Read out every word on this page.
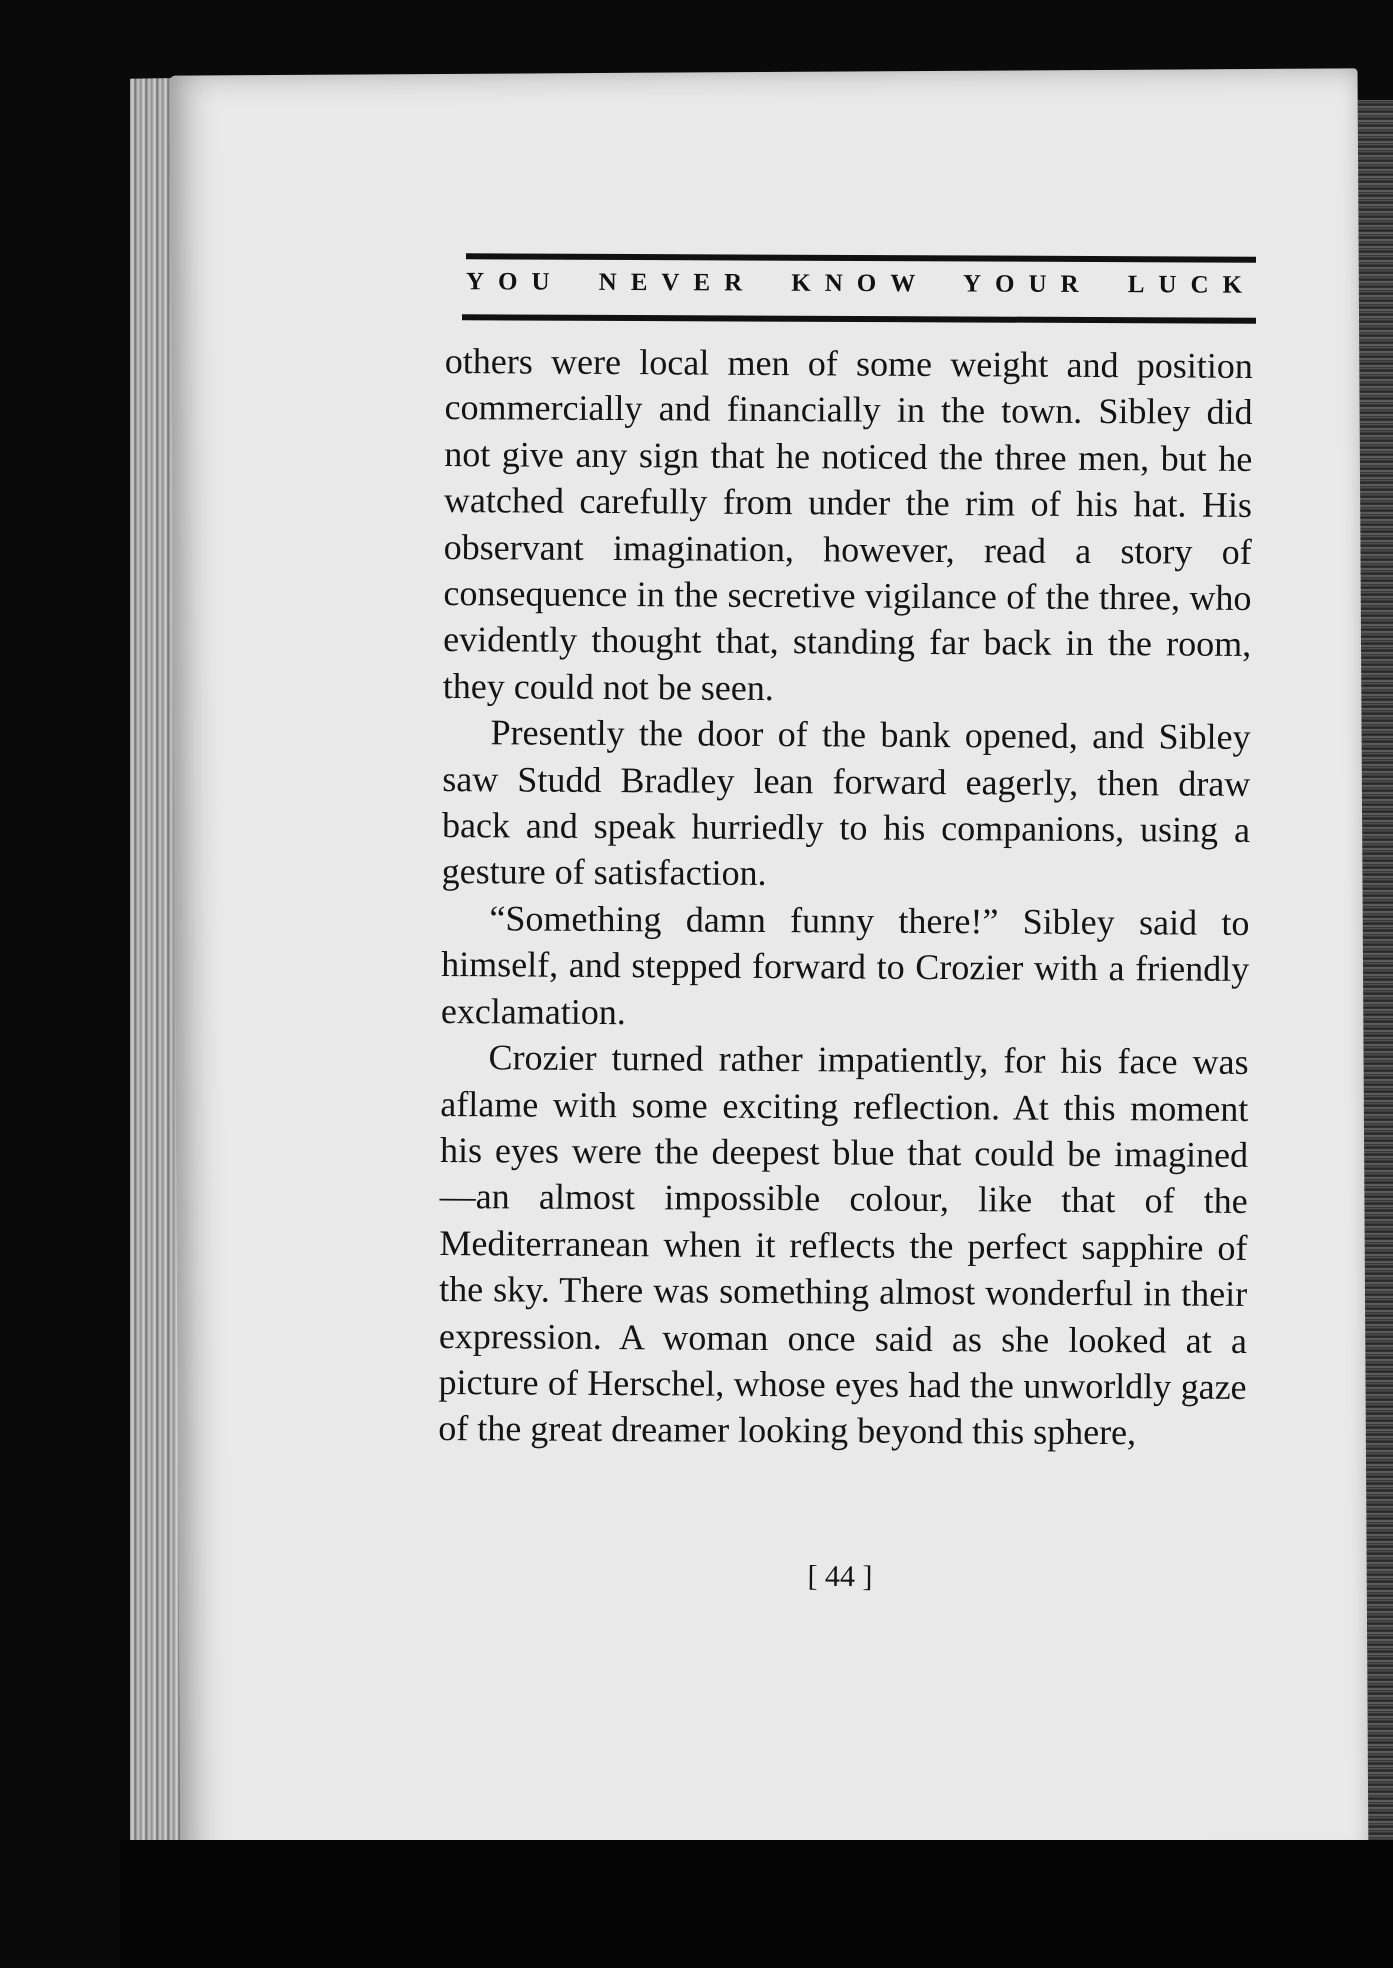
YOU NEVER KNOW YOUR LUCK

others were local men of some weight and position commercially and financially in the town. Sibley did not give any sign that he noticed the three men, but he watched carefully from under the rim of his hat. His observant imagination, however, read a story of consequence in the secretive vigilance of the three, who evidently thought that, standing far back in the room, they could not be seen.

Presently the door of the bank opened, and Sibley saw Studd Bradley lean forward eagerly, then draw back and speak hurriedly to his companions, using a gesture of satisfaction.

“Something damn funny there!” Sibley said to himself, and stepped forward to Crozier with a friendly exclamation.

Crozier turned rather impatiently, for his face was aflame with some exciting reflection. At this moment his eyes were the deepest blue that could be imagined—an almost impossible colour, like that of the Mediterranean when it reflects the perfect sapphire of the sky. There was something almost wonderful in their expression. A woman once said as she looked at a picture of Herschel, whose eyes had the unworldly gaze of the great dreamer looking beyond this sphere,

[ 44 ]
